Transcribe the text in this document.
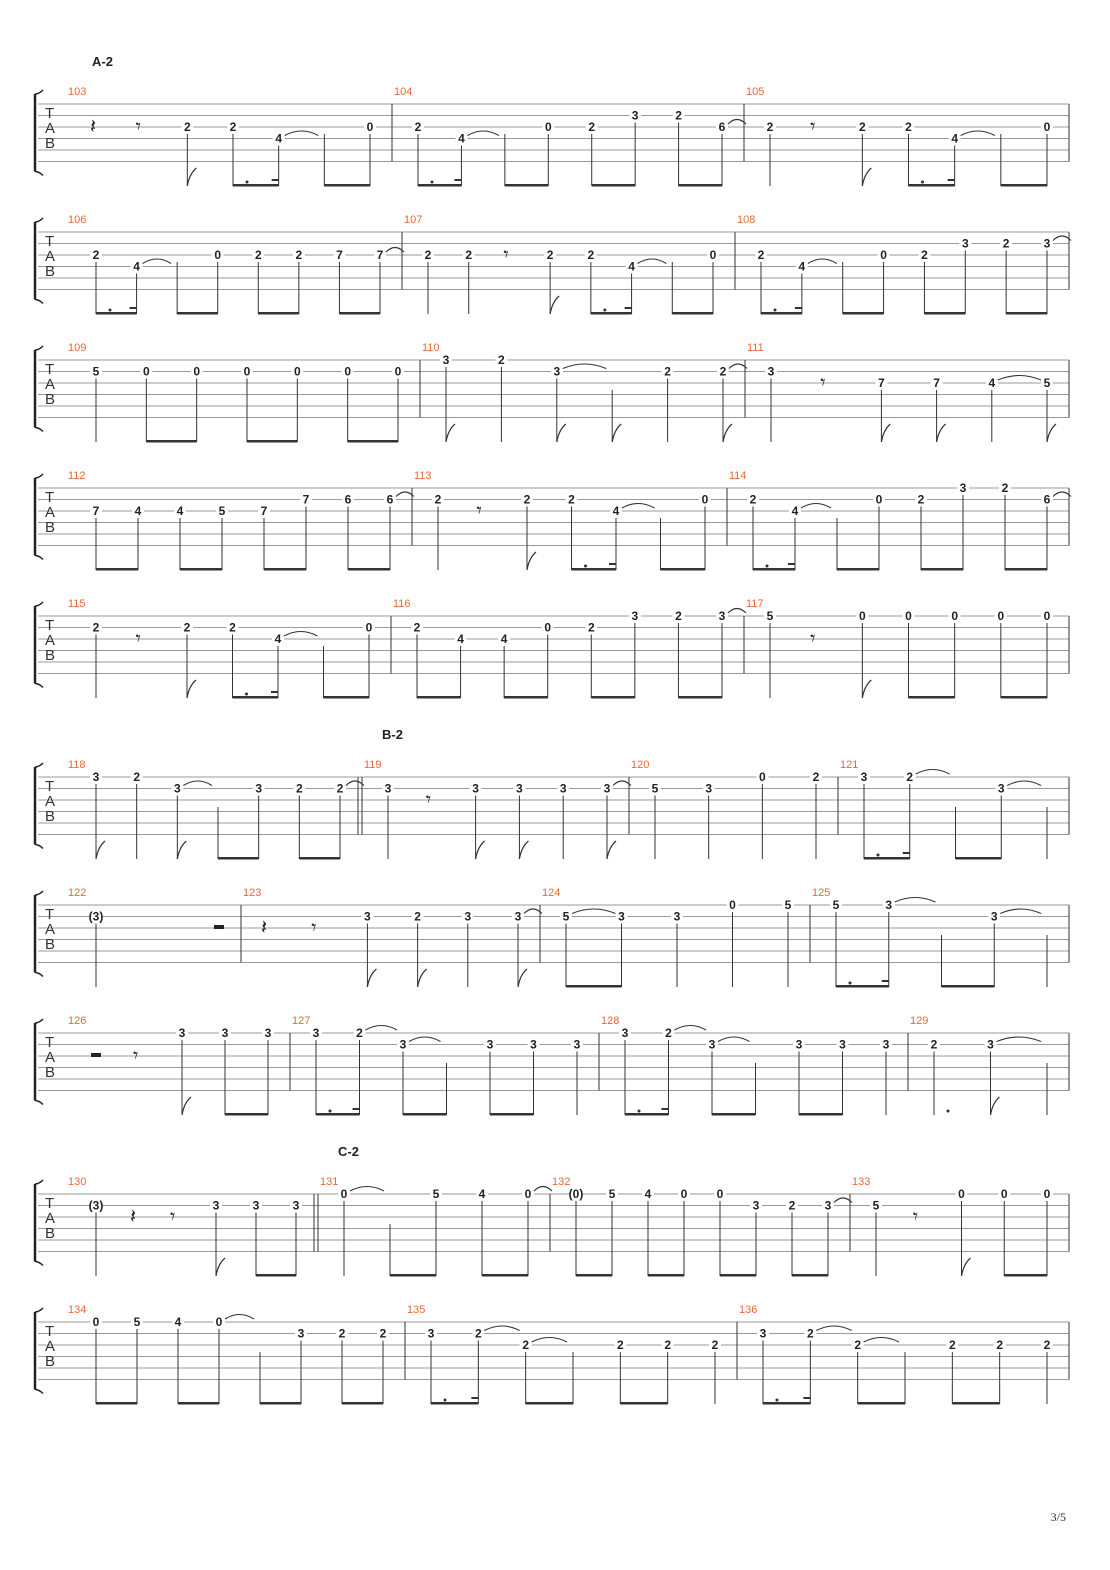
T
A
B
A-2
103
𝄽 𝄾	2	2
4
0
104
2
4
0	2
3	2
6
105
2 𝄾	2	2
4
0
T
A
B
106
2
4
0	2	2	7	7
107
2	2 𝄾	2	2
4
0
108
2
4
0	2
3	2	3
T
A
B
109
5	0	0	0	0	0	0
110
3	2
3	2	2
111
3 𝄾	7	7	4	5
T
A
B
112
7	4	4	5	7
7	6	6
113
2 𝄾	2	2
4
0
114
2
4
0	2
3	2
6
T
A
B
115
2 𝄾	2	2
4
0
116
2
4	4
0	2
3	2	3
117
5
𝄾
0	0	0	0	0
T
A
B
B-2
118
3	2
3	3	2	2
119
3 𝄾	3	3	3	3
120
5	3
0	2
121
3	2
3
T
A
B
122
(3)
123
𝄽 𝄾	3	2	3	3
124
5	3	3
0	5
125
5	3
3
T
A
B
126
𝄾
3	3	3
127
3	2
3	3	3	3
128
3	2
3	3	3	3
129
2	3
T
A
B
C-2
130
(3) 𝄽 𝄾	3	3	3
131
0	5	4	0
132
(0) 5 4 0 0
3 2 3
133
5 𝄾
0	0	0
T
A
B
134
0	5	4	0
3	2	2
135
3	2
2	2	2	2
136
3	2
2	2	2	2
3/5
